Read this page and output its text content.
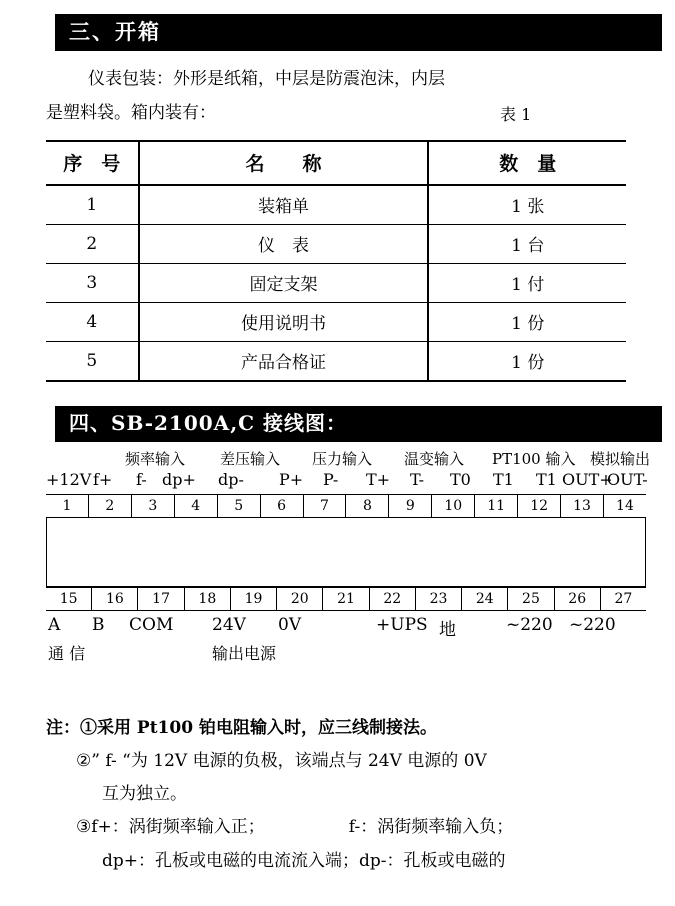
三、开箱
仪表包装：外形是纸箱，中层是防震泡沫，内层
是塑料袋。箱内装有：	表 1
序　号	名　　称	数　量
1	装箱单	1 张
2	仪　表	1 台
3	固定支架	1 付
4	使用说明书	1 份
5	产品合格证	1 份
四、SB-2100A,C 接线图：
频率输入 差压输入 压力输入 温变输入 PT100 输入 模拟输出
+12V f+ f- dp+ dp- P+ P- T+ T- T0 T1 T1 OUT+
OUT-
1	2	3	4	5	6	7	8	9	10	11	12	13	14
15	16	17	18	19	20	21	22	23	24	25	26	27
A B COM 24V 0V	+UPS 地	~220 ~220
通 信	输出电源
注：①采用 Pt100 铂电阻输入时，应三线制接法。
②” f- “为 12V 电源的负极，该端点与 24V 电源的 0V
互为独立。
③f+：涡街频率输入正；	f-：涡街频率输入负；
dp+：孔板或电磁的电流流入端；dp-：孔板或电磁的
